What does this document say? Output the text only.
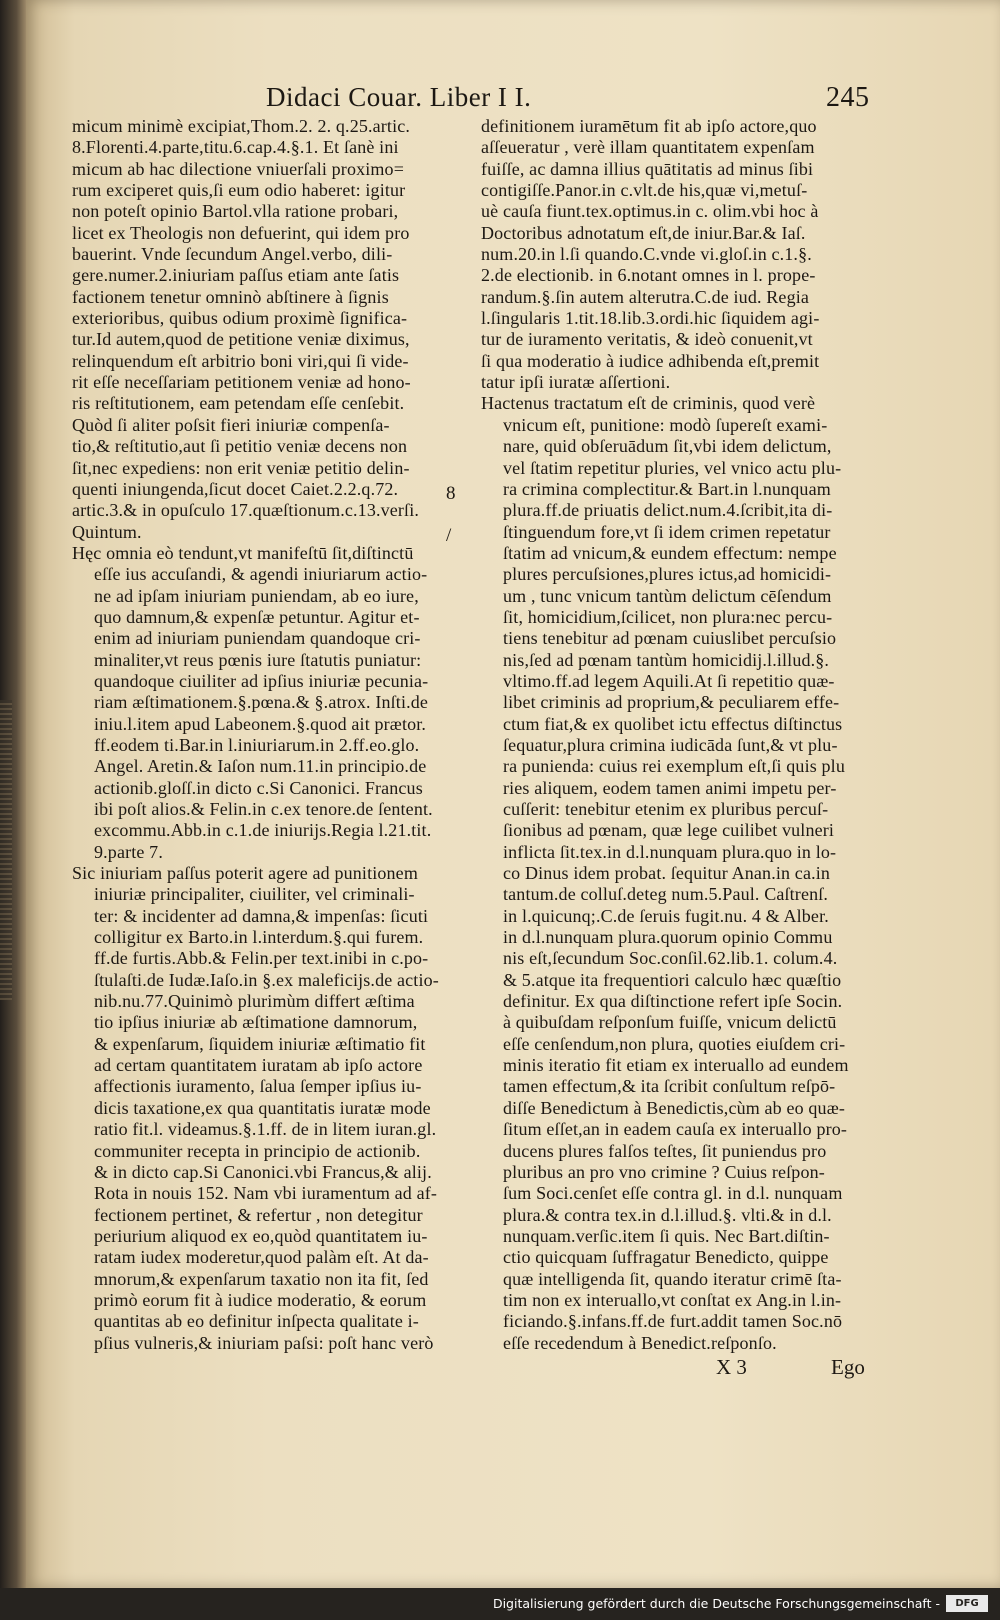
Didaci Couar. Liber I I.	245
micum minimè excipiat,Thom.2. 2. q.25.artic.
8.Florenti.4.parte,titu.6.cap.4.§.1. Et ſanè ini
micum ab hac dilectione vniuerſali proximo=
rum exciperet quis,ſi eum odio haberet: igitur
non poteſt opinio Bartol.vlla ratione probari,
licet ex Theologis non defuerint, qui idem pro
bauerint. Vnde ſecundum Angel.verbo, dili-
gere.numer.2.iniuriam paſſus etiam ante ſatis
factionem tenetur omninò abſtinere à ſignis
exterioribus, quibus odium proximè ſignifica-
tur.Id autem,quod de petitione veniæ diximus,
relinquendum eſt arbitrio boni viri,qui ſi vide-
rit eſſe neceſſariam petitionem veniæ ad hono-
ris reſtitutionem, eam petendam eſſe cenſebit.
Quòd ſi aliter poſsit fieri iniuriæ compenſa-
tio,& reſtitutio,aut ſi petitio veniæ decens non
ſit,nec expediens: non erit veniæ petitio delin-
quenti iniungenda,ſicut docet Caiet.2.2.q.72.
artic.3.& in opuſculo 17.quæſtionum.c.13.verſi.
Quintum.
Hęc omnia eò tendunt,vt manifeſtū ſit,diſtinctū
eſſe ius accuſandi, & agendi iniuriarum actio-
ne ad ipſam iniuriam puniendam, ab eo iure,
quo damnum,& expenſæ petuntur. Agitur et-
enim ad iniuriam puniendam quandoque cri-
minaliter,vt reus pœnis iure ſtatutis puniatur:
quandoque ciuiliter ad ipſius iniuriæ pecunia-
riam æſtimationem.§.pœna.& §.atrox. Inſti.de
iniu.l.item apud Labeonem.§.quod ait prætor.
ff.eodem ti.Bar.in l.iniuriarum.in 2.ff.eo.glo.
Angel. Aretin.& Iaſon num.11.in principio.de
actionib.gloſſ.in dicto c.Si Canonici. Francus
ibi poſt alios.& Felin.in c.ex tenore.de ſentent.
excommu.Abb.in c.1.de iniurijs.Regia l.21.tit.
9.parte 7.
Sic iniuriam paſſus poterit agere ad punitionem
iniuriæ principaliter, ciuiliter, vel criminali-
ter: & incidenter ad damna,& impenſas: ſicuti
colligitur ex Barto.in l.interdum.§.qui furem.
ff.de furtis.Abb.& Felin.per text.inibi in c.po-
ſtulaſti.de Iudæ.Iaſo.in §.ex maleficijs.de actio-
nib.nu.77.Quinimò plurimùm differt æſtima
tio ipſius iniuriæ ab æſtimatione damnorum,
& expenſarum, ſiquidem iniuriæ æſtimatio fit
ad certam quantitatem iuratam ab ipſo actore
affectionis iuramento, ſalua ſemper ipſius iu-
dicis taxatione,ex qua quantitatis iuratæ mode
ratio fit.l. videamus.§.1.ff. de in litem iuran.gl.
communiter recepta in principio de actionib.
& in dicto cap.Si Canonici.vbi Francus,& alij.
Rota in nouis 152. Nam vbi iuramentum ad af-
fectionem pertinet, & refertur , non detegitur
periurium aliquod ex eo,quòd quantitatem iu-
ratam iudex moderetur,quod palàm eſt. At da-
mnorum,& expenſarum taxatio non ita fit, ſed
primò eorum fit à iudice moderatio, & eorum
quantitas ab eo definitur inſpecta qualitate i-
pſius vulneris,& iniuriam paſsi: poſt hanc verò
definitionem iuramētum fit ab ipſo actore,quo
aſſeueratur , verè illam quantitatem expenſam
fuiſſe, ac damna illius quātitatis ad minus ſibi
contigiſſe.Panor.in c.vlt.de his,quæ vi,metuſ-
uè cauſa fiunt.tex.optimus.in c. olim.vbi hoc à
Doctoribus adnotatum eſt,de iniur.Bar.& Iaſ.
num.20.in l.ſi quando.C.vnde vi.gloſ.in c.1.§.
2.de electionib. in 6.notant omnes in l. prope-
randum.§.ſin autem alterutra.C.de iud. Regia
l.ſingularis 1.tit.18.lib.3.ordi.hic ſiquidem agi-
tur de iuramento veritatis, & ideò conuenit,vt
ſi qua moderatio à iudice adhibenda eſt,premit
tatur ipſi iuratæ aſſertioni.
Hactenus tractatum eſt de criminis, quod verè
vnicum eſt, punitione: modò ſupereſt exami-
nare, quid obſeruādum ſit,vbi idem delictum,
vel ſtatim repetitur pluries, vel vnico actu plu-
ra crimina complectitur.& Bart.in l.nunquam
plura.ff.de priuatis delict.num.4.ſcribit,ita di-
ſtinguendum fore,vt ſi idem crimen repetatur
ſtatim ad vnicum,& eundem effectum: nempe
plures percuſsiones,plures ictus,ad homicidi-
um , tunc vnicum tantùm delictum cēſendum
ſit, homicidium,ſcilicet, non plura:nec percu-
tiens tenebitur ad pœnam cuiuslibet percuſsio
nis,ſed ad pœnam tantùm homicidij.l.illud.§.
vltimo.ff.ad legem Aquili.At ſi repetitio quæ-
libet criminis ad proprium,& peculiarem effe-
ctum fiat,& ex quolibet ictu effectus diſtinctus
ſequatur,plura crimina iudicāda ſunt,& vt plu-
ra punienda: cuius rei exemplum eſt,ſi quis plu
ries aliquem, eodem tamen animi impetu per-
cuſſerit: tenebitur etenim ex pluribus percuſ-
ſionibus ad pœnam, quæ lege cuilibet vulneri
inflicta ſit.tex.in d.l.nunquam plura.quo in lo-
co Dinus idem probat. ſequitur Anan.in ca.in
tantum.de colluſ.deteg num.5.Paul. Caſtrenſ.
in l.quicunq;.C.de ſeruis fugit.nu. 4 & Alber.
in d.l.nunquam plura.quorum opinio Commu
nis eſt,ſecundum Soc.conſil.62.lib.1. colum.4.
& 5.atque ita frequentiori calculo hæc quæſtio
definitur. Ex qua diſtinctione refert ipſe Socin.
à quibuſdam reſponſum fuiſſe, vnicum delictū
eſſe cenſendum,non plura, quoties eiuſdem cri-
minis iteratio fit etiam ex interuallo ad eundem
tamen effectum,& ita ſcribit conſultum reſpō-
diſſe Benedictum à Benedictis,cùm ab eo quæ-
ſitum eſſet,an in eadem cauſa ex interuallo pro-
ducens plures falſos teſtes, ſit puniendus pro
pluribus an pro vno crimine ? Cuius reſpon-
ſum Soci.cenſet eſſe contra gl. in d.l. nunquam
plura.& contra tex.in d.l.illud.§. vlti.& in d.l.
nunquam.verſic.item ſi quis. Nec Bart.diſtin-
ctio quicquam ſuffragatur Benedicto, quippe
quæ intelligenda ſit, quando iteratur crimē ſta-
tim non ex interuallo,vt conſtat ex Ang.in l.in-
ficiando.§.infans.ff.de furt.addit tamen Soc.nō
eſſe recedendum à Benedict.reſponſo.
8
/
X 3	Ego
Digitalisierung gefördert durch die Deutsche Forschungsgemeinschaft -	DFG
